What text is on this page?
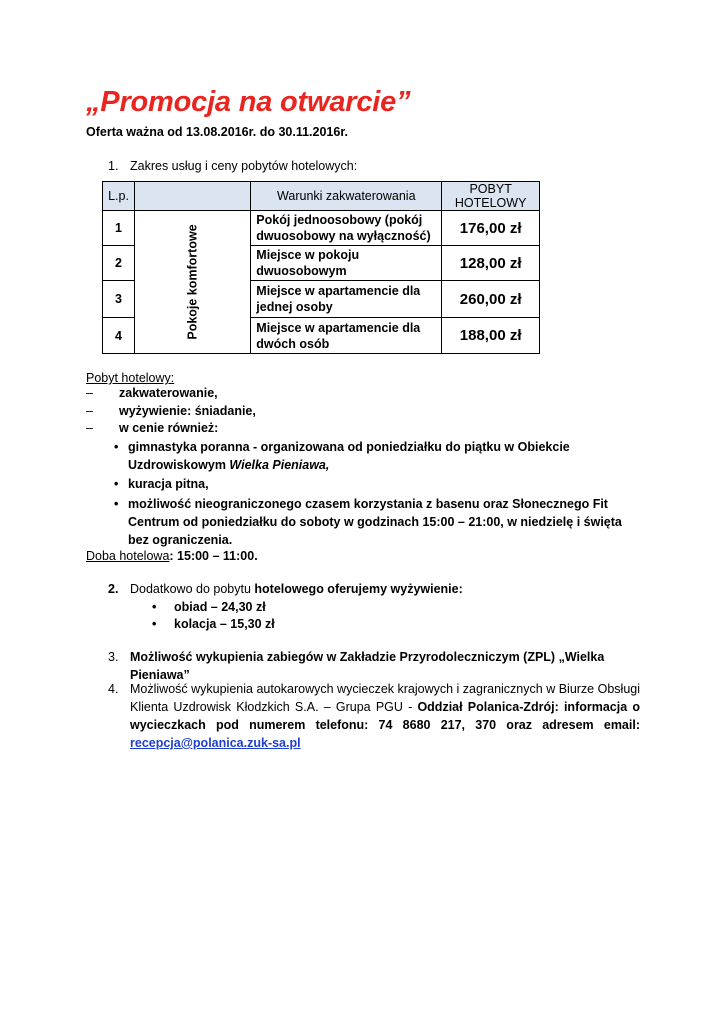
„Promocja na otwarcie”
Oferta ważna od 13.08.2016r. do 30.11.2016r.
1. Zakres usług i ceny pobytów hotelowych:
L.p.		Warunki zakwaterowania	POBYT HOTELOWY
1	Pokoje komfortowe	Pokój jednoosobowy (pokój dwuosobowy na wyłączność)	176,00 zł
2		Miejsce w pokoju dwuosobowym	128,00 zł
3		Miejsce w apartamencie dla jednej osoby	260,00 zł
4		Miejsce w apartamencie dla dwóch osób	188,00 zł
Pobyt hotelowy:
– zakwaterowanie,
– wyżywienie: śniadanie,
– w cenie również:
• gimnastyka poranna - organizowana od poniedziałku do piątku w Obiekcie Uzdrowiskowym Wielka Pieniawa,
• kuracja pitna,
• możliwość nieograniczonego czasem korzystania z basenu oraz Słonecznego Fit Centrum od poniedziałku do soboty w godzinach 15:00 – 21:00, w niedzielę i święta bez ograniczenia.
Doba hotelowa: 15:00 – 11:00.
2. Dodatkowo do pobytu hotelowego oferujemy wyżywienie:
• obiad – 24,30 zł
• kolacja – 15,30 zł
3. Możliwość wykupienia zabiegów w Zakładzie Przyrodoleczniczym (ZPL) „Wielka Pieniawa”
4. Możliwość wykupienia autokarowych wycieczek krajowych i zagranicznych w Biurze Obsługi Klienta Uzdrowisk Kłodzkich S.A. – Grupa PGU - Oddział Polanica-Zdrój: informacja o wycieczkach pod numerem telefonu: 74 8680 217, 370 oraz adresem email: recepcja@polanica.zuk-sa.pl
